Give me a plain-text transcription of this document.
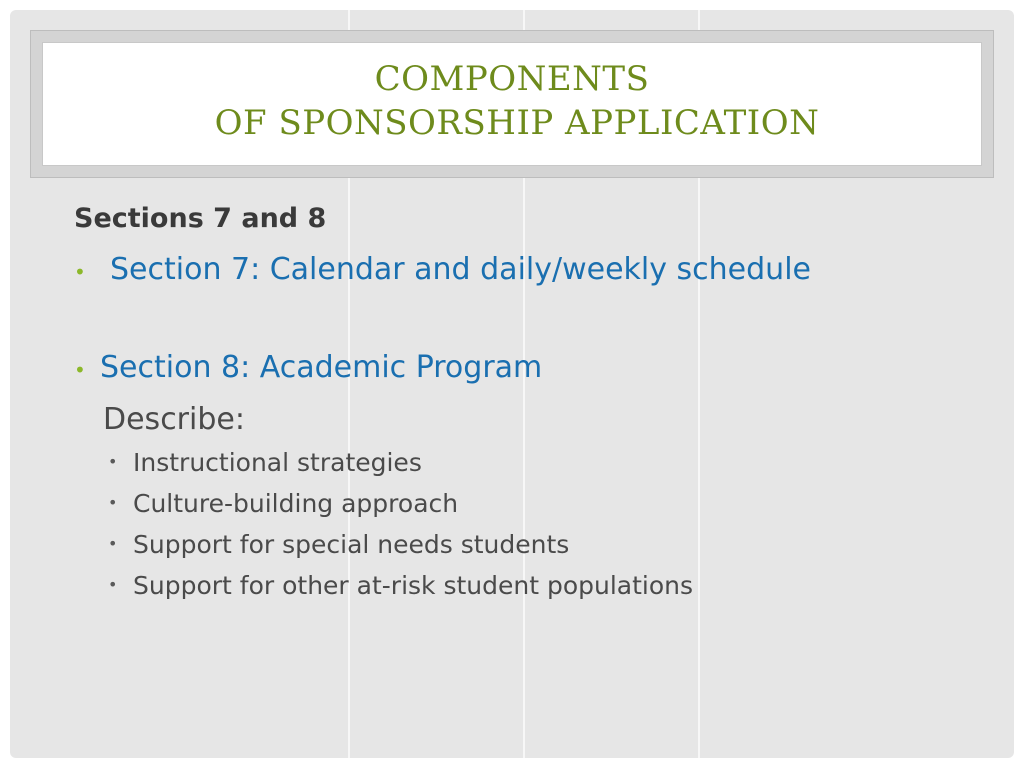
COMPONENTS
OF SPONSORSHIP APPLICATION
Sections 7 and 8
• Section 7: Calendar and daily/weekly schedule
• Section 8: Academic Program
Describe:
• Instructional strategies
• Culture-building approach
• Support for special needs students
• Support for other at-risk student populations
